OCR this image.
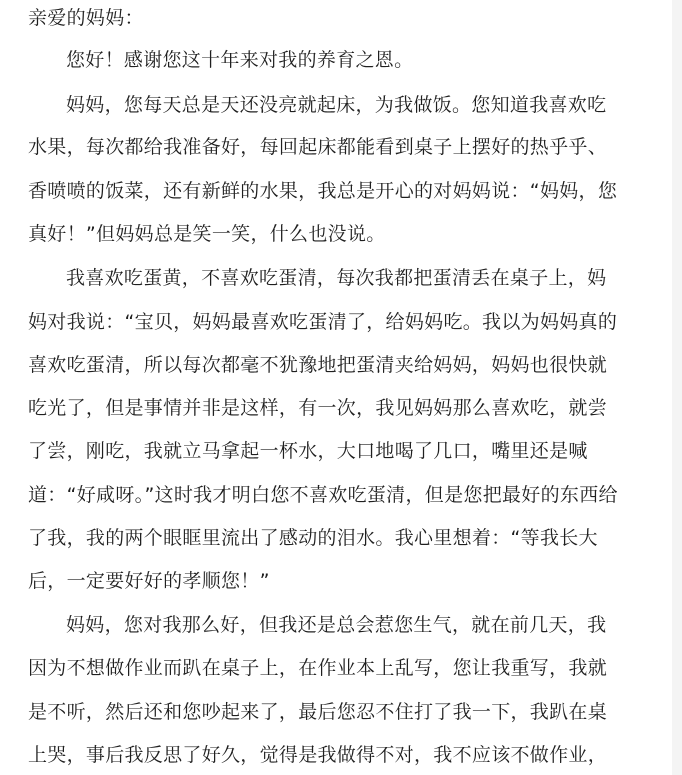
亲爱的妈妈：
您好！感谢您这十年来对我的养育之恩。
妈妈，您每天总是天还没亮就起床，为我做饭。您知道我喜欢吃
水果，每次都给我准备好，每回起床都能看到桌子上摆好的热乎乎、
香喷喷的饭菜，还有新鲜的水果，我总是开心的对妈妈说：“妈妈，您
真好！”但妈妈总是笑一笑，什么也没说。
我喜欢吃蛋黄，不喜欢吃蛋清，每次我都把蛋清丢在桌子上，妈
妈对我说：“宝贝，妈妈最喜欢吃蛋清了，给妈妈吃。我以为妈妈真的
喜欢吃蛋清，所以每次都毫不犹豫地把蛋清夹给妈妈，妈妈也很快就
吃光了，但是事情并非是这样，有一次，我见妈妈那么喜欢吃，就尝
了尝，刚吃，我就立马拿起一杯水，大口地喝了几口，嘴里还是喊
道：“好咸呀。”这时我才明白您不喜欢吃蛋清，但是您把最好的东西给
了我，我的两个眼眶里流出了感动的泪水。我心里想着：“等我长大
后，一定要好好的孝顺您！”
妈妈，您对我那么好，但我还是总会惹您生气，就在前几天，我
因为不想做作业而趴在桌子上，在作业本上乱写，您让我重写，我就
是不听，然后还和您吵起来了，最后您忍不住打了我一下，我趴在桌
上哭，事后我反思了好久，觉得是我做得不对，我不应该不做作业，
